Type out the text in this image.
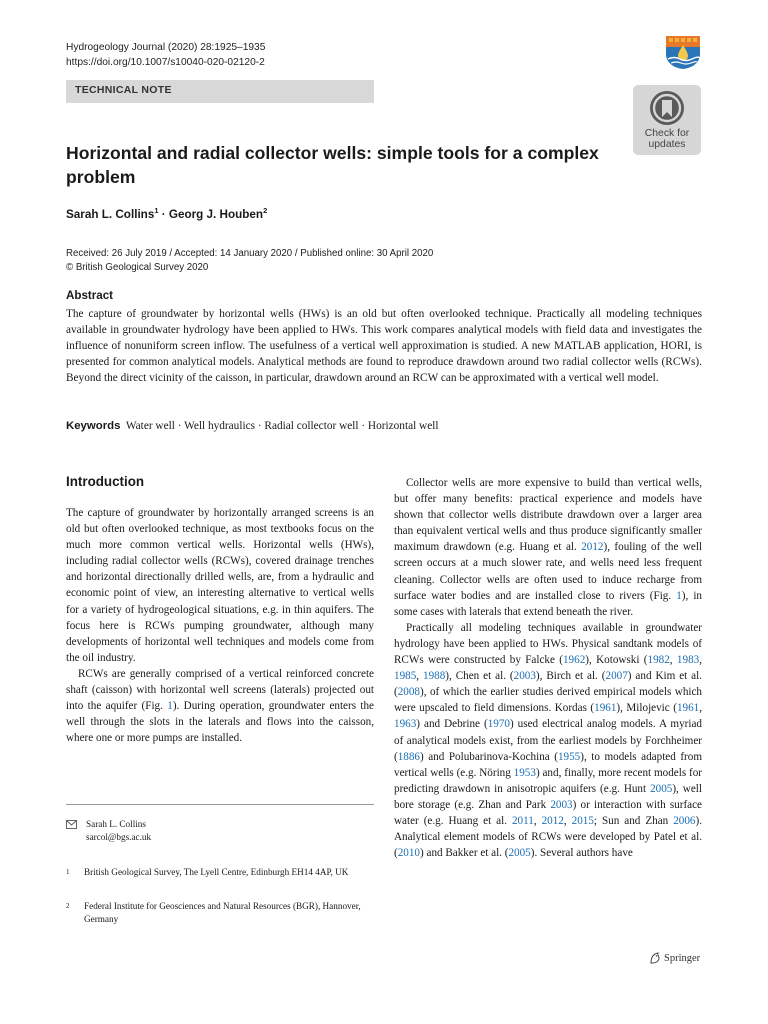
Hydrogeology Journal (2020) 28:1925–1935
https://doi.org/10.1007/s10040-020-02120-2
TECHNICAL NOTE
Check for
updates
Horizontal and radial collector wells: simple tools for a complex problem
Sarah L. Collins$^1$ · Georg J. Houben$^2$
Received: 26 July 2019 / Accepted: 14 January 2020 / Published online: 30 April 2020
© British Geological Survey 2020
Abstract
The capture of groundwater by horizontal wells (HWs) is an old but often overlooked technique. Practically all modeling techniques available in groundwater hydrology have been applied to HWs. This work compares analytical models with field data and investigates the influence of nonuniform screen inflow. The usefulness of a vertical well approximation is studied. A new MATLAB application, HORI, is presented for common analytical models. Analytical methods are found to reproduce drawdown around two radial collector wells (RCWs). Beyond the direct vicinity of the caisson, in particular, drawdown around an RCW can be approximated with a vertical well model.
Keywords Water well · Well hydraulics · Radial collector well · Horizontal well
Introduction

The capture of groundwater by horizontally arranged screens is an old but often overlooked technique, as most textbooks focus on the much more common vertical wells. Horizontal wells (HWs), including radial collector wells (RCWs), covered drainage trenches and horizontal directionally drilled wells, are, from a hydraulic and economic point of view, an interesting alternative to vertical wells for a variety of hydrogeological situations, e.g. in thin aquifers. The focus here is RCWs pumping groundwater, although many developments of horizontal well techniques and models come from the oil industry.

RCWs are generally comprised of a vertical reinforced concrete shaft (caisson) with horizontal well screens (laterals) projected out into the aquifer (Fig. 1). During operation, groundwater enters the well through the slots in the laterals and flows into the caisson, where one or more pumps are installed.

Collector wells are more expensive to build than vertical wells, but offer many benefits: practical experience and models have shown that collector wells distribute drawdown over a larger area than equivalent vertical wells and thus produce significantly smaller maximum drawdown (e.g. Huang et al. 2012), fouling of the well screen occurs at a much slower rate, and wells need less frequent cleaning. Collector wells are often used to induce recharge from surface water bodies and are installed close to rivers (Fig. 1), in some cases with laterals that extend beneath the river.

Practically all modeling techniques available in groundwater hydrology have been applied to HWs. Physical sandtank models of RCWs were constructed by Falcke (1962), Kotowski (1982, 1983, 1985, 1988), Chen et al. (2003), Birch et al. (2007) and Kim et al. (2008), of which the earlier studies derived empirical models which were upscaled to field dimensions. Kordas (1961), Milojevic (1961, 1963) and Debrine (1970) used electrical analog models. A myriad of analytical models exist, from the earliest models by Forchheimer (1886) and Polubarinova-Kochina (1955), to models adapted from vertical wells (e.g. Nöring 1953) and, finally, more recent models for predicting drawdown in anisotropic aquifers (e.g. Hunt 2005), well bore storage (e.g. Zhan and Park 2003) or interaction with surface water (e.g. Huang et al. 2011, 2012, 2015; Sun and Zhan 2006). Analytical element models of RCWs were developed by Patel et al. (2010) and Bakker et al. (2005). Several authors have

Sarah L. Collins
sarcol@bgs.ac.uk
1 British Geological Survey, The Lyell Centre, Edinburgh EH14 4AP, UK
2 Federal Institute for Geosciences and Natural Resources (BGR), Hannover, Germany
Springer
